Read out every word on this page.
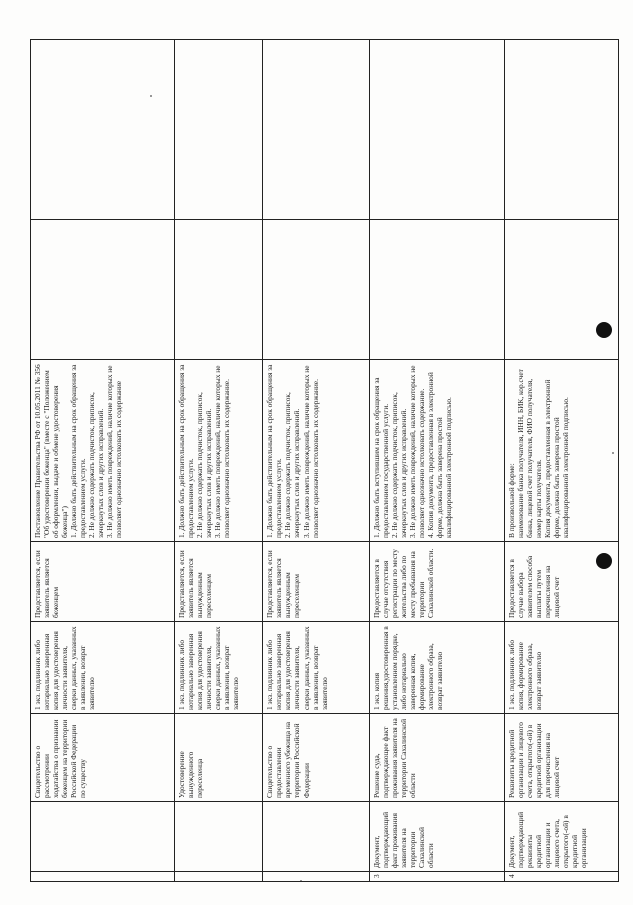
		Свидетельство о рассмотрении ходатайства о признании беженцем на территории Российской Федерации по существу	1 экз. подлинник либо нотариально заверенная копия для удостоверения личности заявителя, сверки данных, указанных в заявлении, возврат заявителю	Представляется, если заявитель является беженцем	Постановление Правительства РФ от 10.05.2011 № 356 "Об удостоверении беженца" (вместе с "Положением об оформлении, выдаче и обмене удостоверения беженца") 1. Должно быть действительным на срок обращения за предоставлением услуги. 2. Не должно содержать подчисток, приписок, зачеркнутых слов и других исправлений. 3. Не должно иметь повреждений, наличие которых не позволяет однозначно истолковать их содержание		

		Удостоверение вынужденного переселенца	1 экз. подлинник либо нотариально заверенная копия для удостоверения личности заявителя, сверки данных, указанных в заявлении, возврат заявителю	Представляется, если заявитель является вынужденным переселенцем	1. Должно быть действительным на срок обращения за предоставлением услуги. 2. Не должно содержать подчисток, приписок, зачеркнутых слов и других исправлений. 3. Не должно иметь повреждений, наличие которых не позволяет однозначно истолковать их содержание.		

		Свидетельство о предоставлении временного убежища на территории Российской Федерации	1 экз. подлинник либо нотариально заверенная копия для удостоверения личности заявителя, сверки данных, указанных в заявлении, возврат заявителю	Представляется, если заявитель является вынужденным переселенцем	1. Должно быть действительным на срок обращения за предоставлением услуги. 2. Не должно содержать подчисток, приписок, зачеркнутых слов и других исправлений. 3. Не должно иметь повреждений, наличие которых не позволяет однозначно истолковать их содержание.		

3	Документ, подтверждающий факт проживания заявителя на территории Сахалинской области	Решение суда, подтверждающее факт проживания заявителя на территории Сахалинской области	1 экз. копия решения,удостоверенная в установленном порядке, либо нотариально заверенная копия, формирование электронного образа, возврат заявителю	Предоставляется в случае отсутствия регистрации по месту жительства либо по месту пребывания на территории Сахалинской области.	1. Должно быть вступившим на срок обращения за предоставлением государственной услуги. 2. Не должно содержать подчисток, приписок, зачеркнутых слов и других исправлений. 3. Не должно иметь повреждений, наличие которых не позволяет однозначно истолковать содержание. 4. Копия документа, предоставленная в электронной форме, должна быть заверена простой квалифицированной электронной подписью.		

4	Документ, подтверждающий реквизиты кредитной организации и лицевого счета, открытого(-ой) в кредитной организации	Реквизиты кредитной организации и лицевого счета, открытого(-ой) в кредитной организации для перечисления на лицевой счет	1 экз. подлинник либо копия, формирование электронного образа, возврат заявителю	Предоставляется в случае выбора заявителем способа выплаты путем перечисления на лицевой счет	В произвольной форме: наименование банка получателя, ИНН, БИК, кор.счет банка, лицевой счет получателя, ФИО получателя, номер карты получателя. Копия документа, предоставленная в электронной форме, должна быть заверена простой квалифицированной электронной подписью.		
